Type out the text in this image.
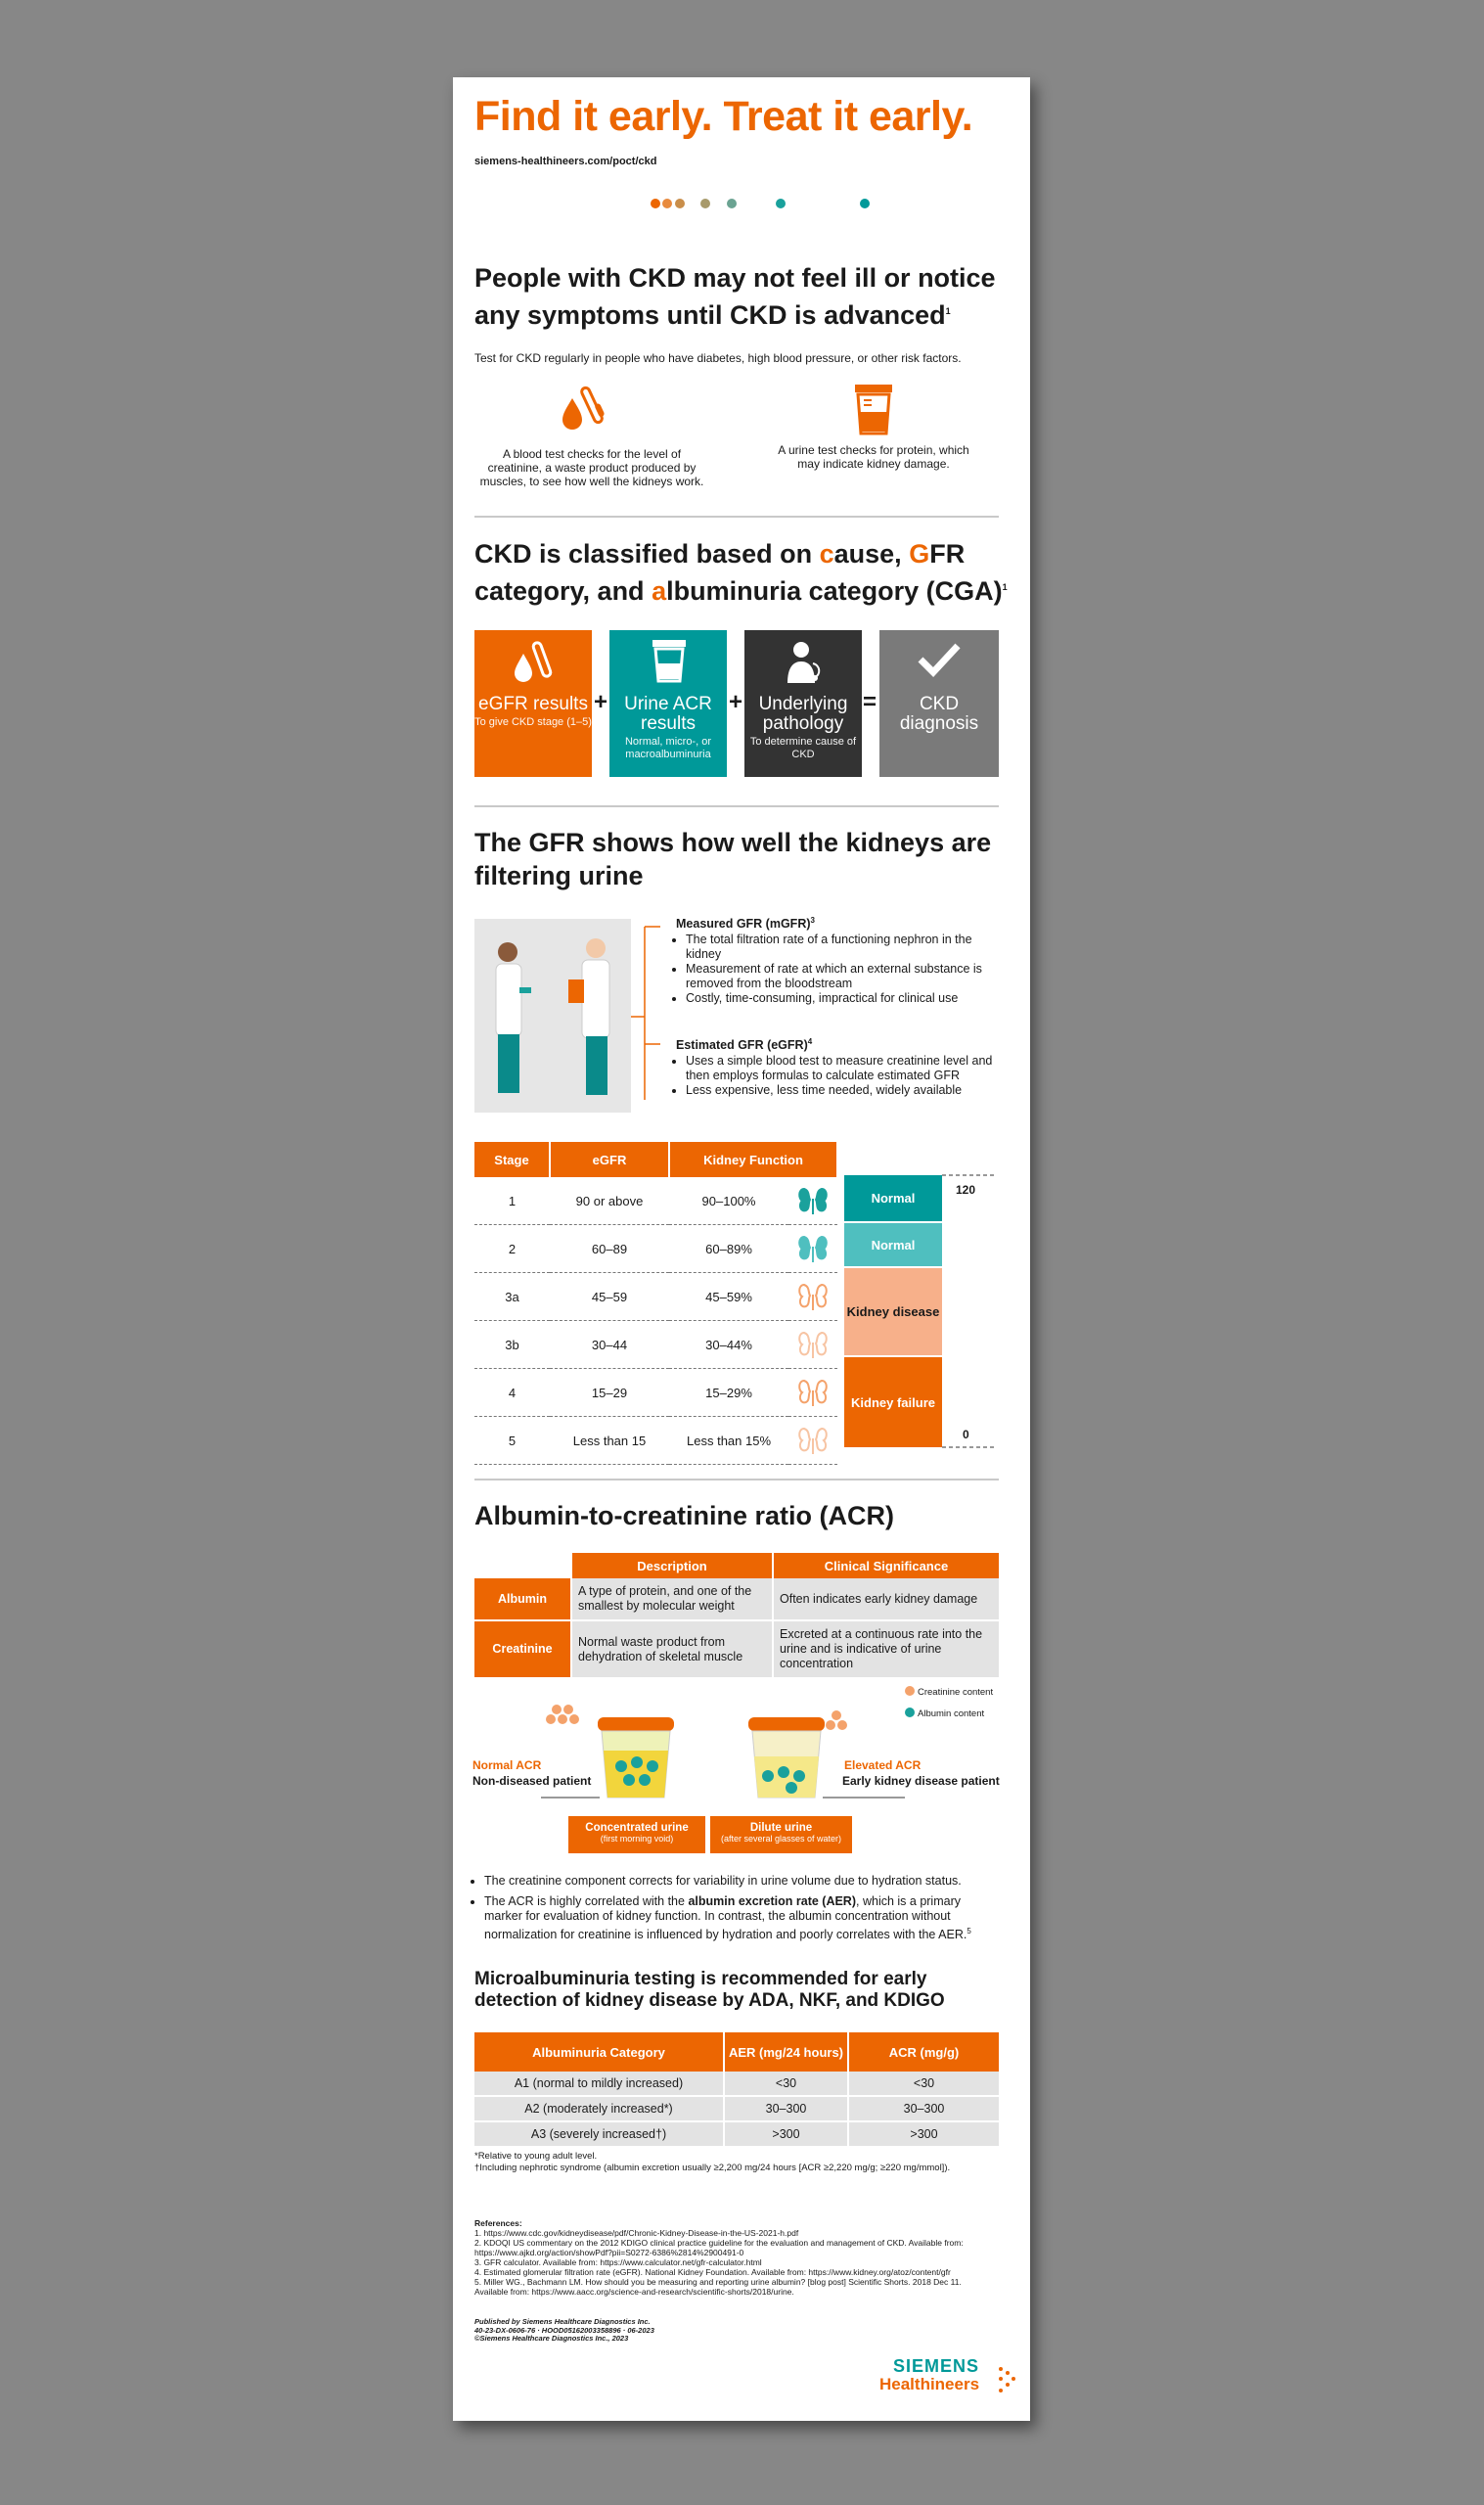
Find it early. Treat it early.
siemens-healthineers.com/poct/ckd
People with CKD may not feel ill or notice any symptoms until CKD is advanced$^1$
Test for CKD regularly in people who have diabetes, high blood pressure, or other risk factors.
A blood test checks for the level of creatinine, a waste product produced by muscles, to see how well the kidneys work.
A urine test checks for protein, which may indicate kidney damage.
CKD is classified based on cause, GFR category, and albuminuria category (CGA)$^1$
eGFR results
To give CKD stage (1–5)
+ Urine ACR results
Normal, micro-, or macroalbuminuria
+ Underlying pathology
To determine cause of CKD
=	CKD diagnosis
The GFR shows how well the kidneys are filtering urine
Measured GFR (mGFR)$^3$
• The total filtration rate of a functioning nephron in the kidney
• Measurement of rate at which an external substance is removed from the bloodstream
• Costly, time-consuming, impractical for clinical use
Estimated GFR (eGFR)$^4$
• Uses a simple blood test to measure creatinine level and then employs formulas to calculate estimated GFR
• Less expensive, less time needed, widely available
Stage	eGFR	Kidney Function	
1	90 or above	90–100%	
2	60–89	60–89%	
3a	45–59	45–59%	
3b	30–44	30–44%	
4	15–29	15–29%	
5	Less than 15	Less than 15%	
Normal
Normal
Kidney disease
Kidney failure
120
0
Albumin-to-creatinine ratio (ACR)
	Description	Clinical Significance
Albumin	A type of protein, and one of the smallest by molecular weight	Often indicates early kidney damage
Creatinine	Normal waste product from dehydration of skeletal muscle	Excreted at a continuous rate into the urine and is indicative of urine concentration
Creatinine content
Albumin content
Normal ACR
Non-diseased patient
Elevated ACR
Early kidney disease patient
Concentrated urine
(first morning void)
Dilute urine
(after several glasses of water)
• The creatinine component corrects for variability in urine volume due to hydration status.
• The ACR is highly correlated with the albumin excretion rate (AER), which is a primary marker for evaluation of kidney function. In contrast, the albumin concentration without normalization for creatinine is influenced by hydration and poorly correlates with the AER.$^5$
Microalbuminuria testing is recommended for early detection of kidney disease by ADA, NKF, and KDIGO
Albuminuria Category	AER (mg/24 hours)	ACR (mg/g)
A1 (normal to mildly increased)	<30	<30
A2 (moderately increased*)	30–300	30–300
A3 (severely increased†)	>300	>300
*Relative to young adult level.
†Including nephrotic syndrome (albumin excretion usually ≥2,200 mg/24 hours [ACR ≥2,220 mg/g; ≥220 mg/mmol]).
References:
1. https://www.cdc.gov/kidneydisease/pdf/Chronic-Kidney-Disease-in-the-US-2021-h.pdf
2. KDOQI US commentary on the 2012 KDIGO clinical practice guideline for the evaluation and management of CKD. Available from: https://www.ajkd.org/action/showPdf?pii=S0272-6386%2814%2900491-0
3. GFR calculator. Available from: https://www.calculator.net/gfr-calculator.html
4. Estimated glomerular filtration rate (eGFR). National Kidney Foundation. Available from: https://www.kidney.org/atoz/content/gfr
5. Miller WG., Bachmann LM. How should you be measuring and reporting urine albumin? [blog post] Scientific Shorts. 2018 Dec 11. Available from: https://www.aacc.org/science-and-research/scientific-shorts/2018/urine.
Published by Siemens Healthcare Diagnostics Inc.
40-23-DX-0606-76 · HOOD05162003358896 · 06-2023
©Siemens Healthcare Diagnostics Inc., 2023
SIEMENS
Healthineers
